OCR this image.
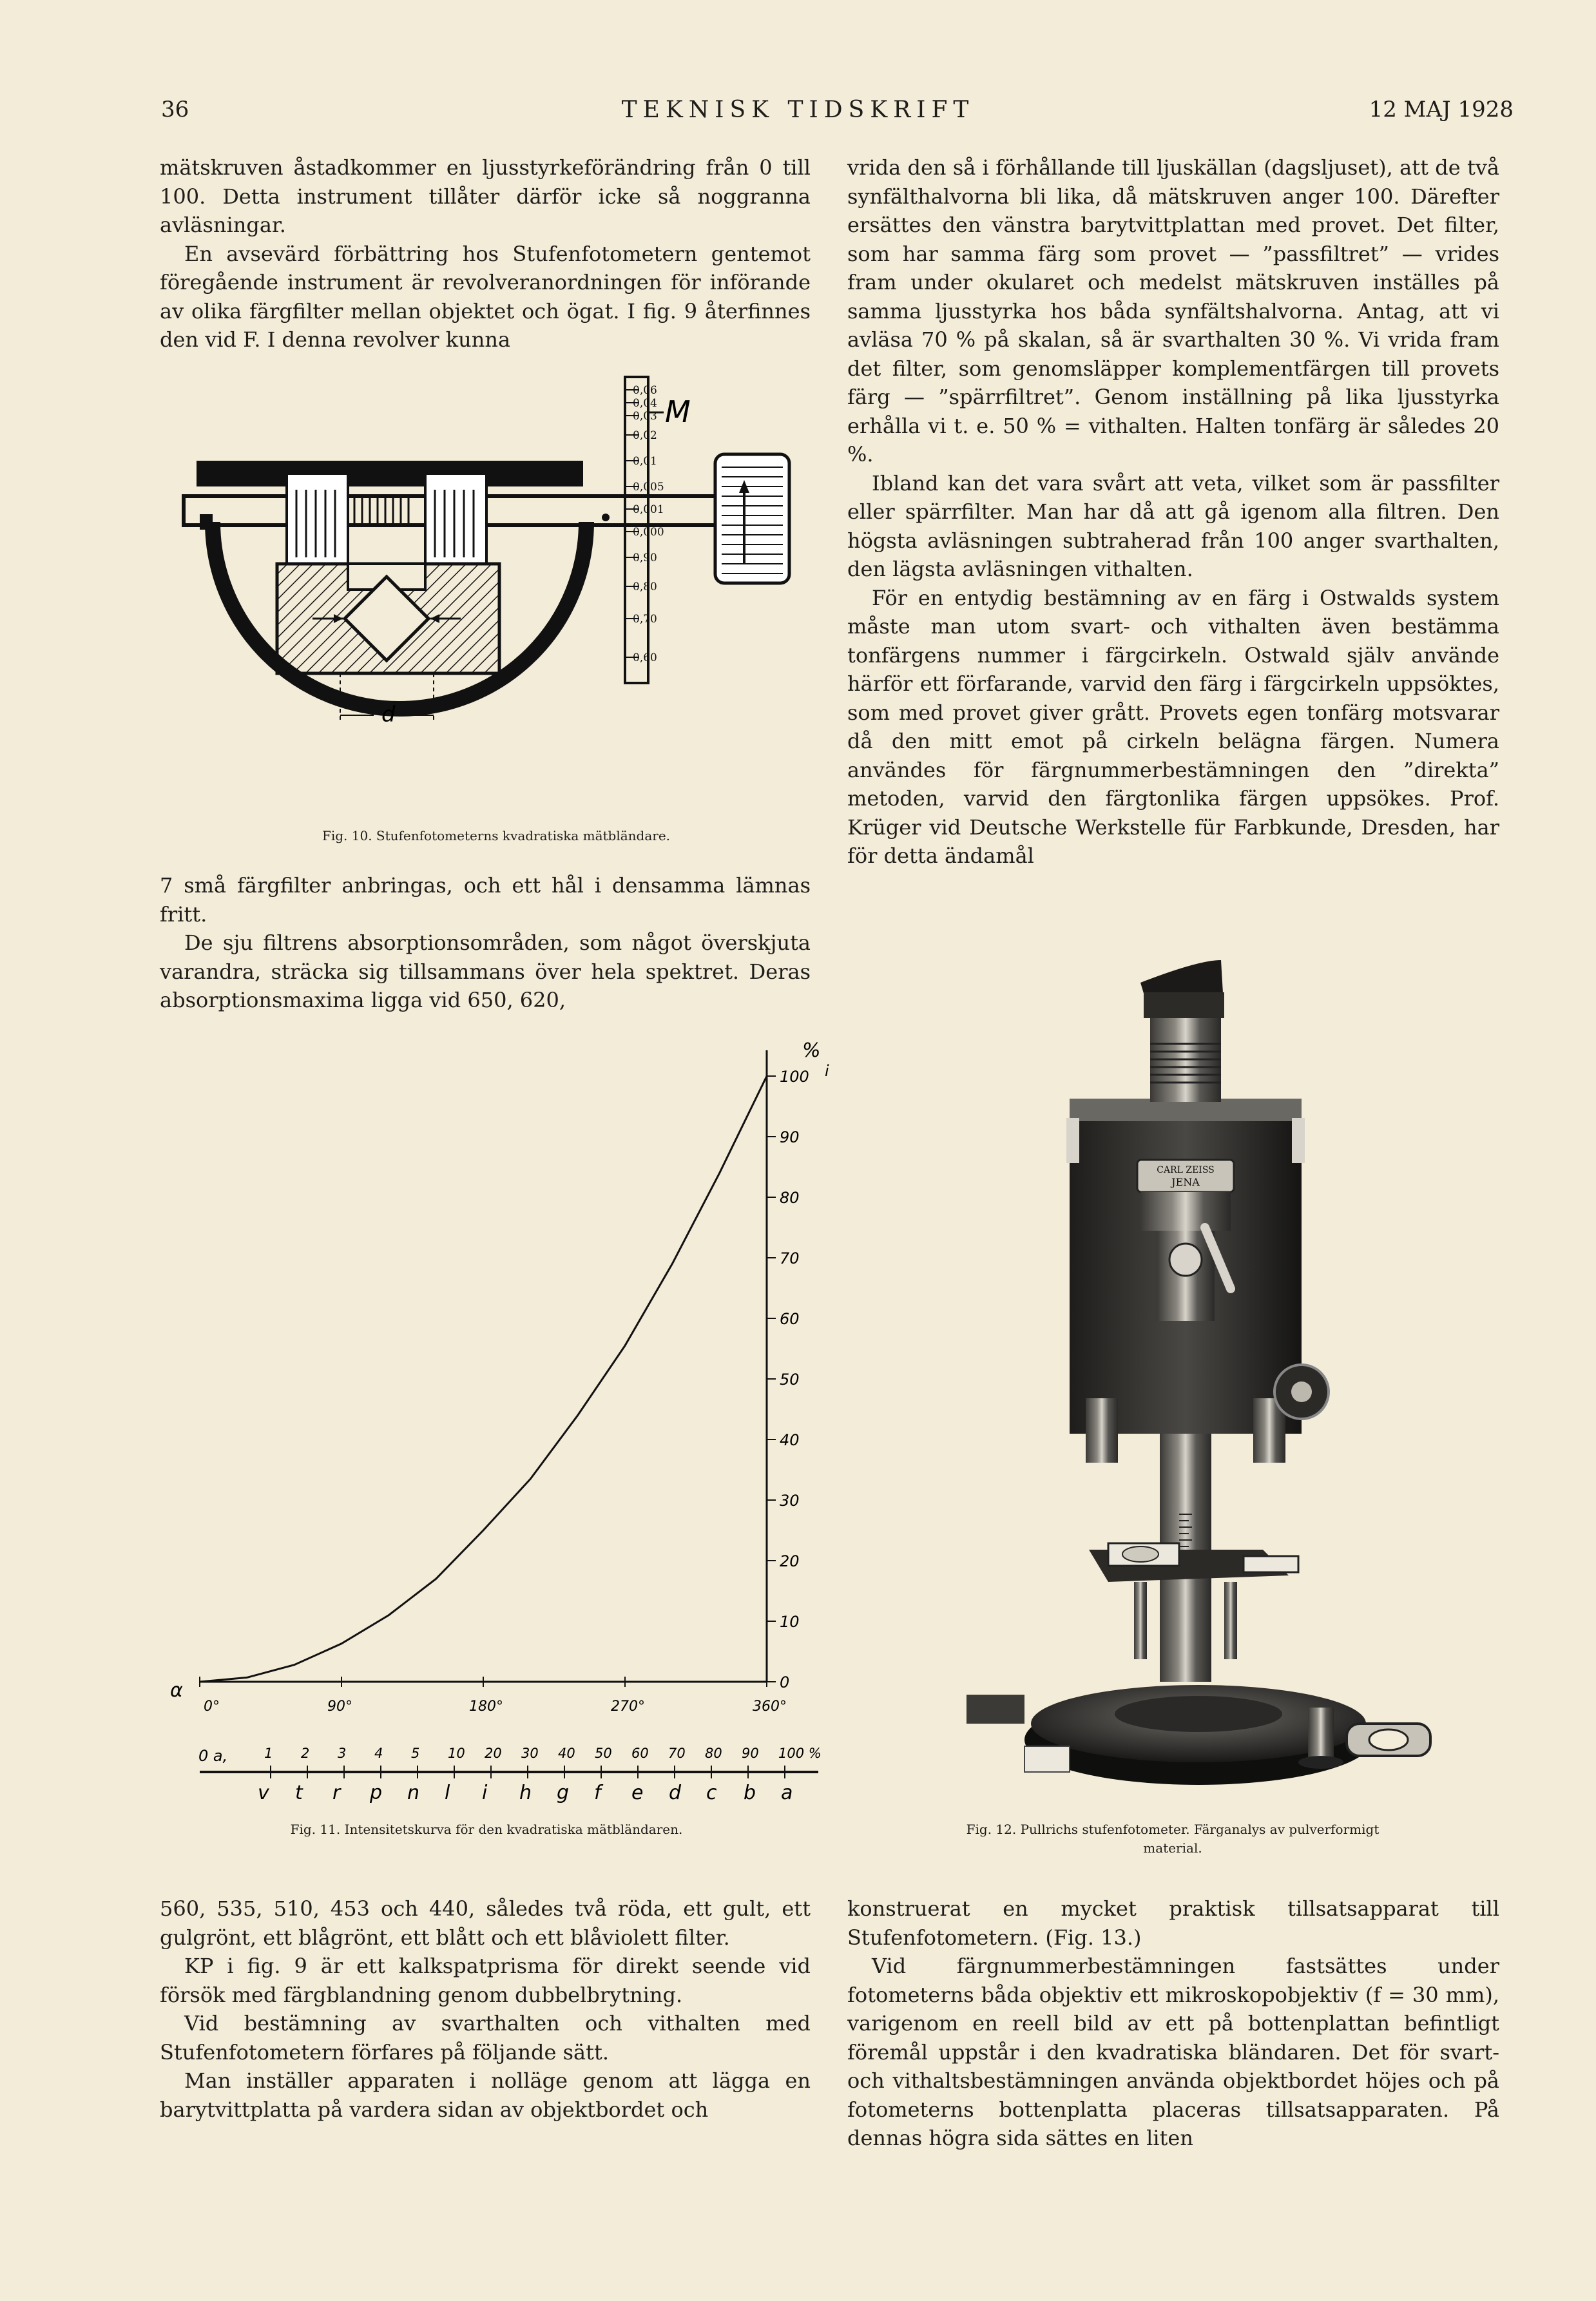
36	TEKNISK TIDSKRIFT	12 MAJ 1928

mätskruven åstadkommer en ljusstyrkeförändring från 0 till 100. Detta instrument tillåter därför icke så noggranna avläsningar.

En avsevärd förbättring hos Stufenfotometern gentemot föregående instrument är revolveranordningen för införande av olika färgfilter mellan objektet och ögat. I fig. 9 återfinnes den vid F. I denna revolver kunna

d
0,06
0,04
0,03
0,02
0,01
0,005
0,001
0,000
0,90
0,80
0,70
0,60
M
Fig. 10. Stufenfotometerns kvadratiska mätbländare.

7 små färgfilter anbringas, och ett hål i densamma lämnas fritt.

De sju filtrens absorptionsområden, som något överskjuta varandra, sträcka sig tillsammans över hela spektret. Deras absorptionsmaxima ligga vid 650, 620,

vrida den så i förhållande till ljuskällan (dagsljuset), att de två synfälthalvorna bli lika, då mätskruven anger 100. Därefter ersättes den vänstra barytvittplattan med provet. Det filter, som har samma färg som provet — ”passfiltret” — vrides fram under okularet och medelst mätskruven inställes på samma ljusstyrka hos båda synfältshalvorna. Antag, att vi avläsa 70 % på skalan, så är svarthalten 30 %. Vi vrida fram det filter, som genomsläpper komplementfärgen till provets färg — ”spärrfiltret”. Genom inställning på lika ljusstyrka erhålla vi t. e. 50 % = vithalten. Halten tonfärg är således 20 %.

Ibland kan det vara svårt att veta, vilket som är passfilter eller spärrfilter. Man har då att gå igenom alla filtren. Den högsta avläsningen subtraherad från 100 anger svarthalten, den lägsta avläsningen vithalten.

För en entydig bestämning av en färg i Ostwalds system måste man utom svart- och vithalten även bestämma tonfärgens nummer i färgcirkeln. Ostwald själv använde härför ett förfarande, varvid den färg i färgcirkeln uppsöktes, som med provet giver grått. Provets egen tonfärg motsvarar då den mitt emot på cirkeln belägna färgen. Numera användes för färgnummerbestämningen den ”direkta” metoden, varvid den färgtonlika färgen uppsökes. Prof. Krüger vid Deutsche Werkstelle für Farbkunde, Dresden, har för detta ändamål

0
10
20
30
40
50
60
70
80
90
100
0°	90°	180°	270°	360°
%
i
α
1 2 3 4 5 10 20 30 40 50 60 70 80 90 100 %
0 a,
v t r p n l i h g f e d c b a
Fig. 11. Intensitetskurva för den kvadratiska mätbländaren.
CARL ZEISS
JENA
Fig. 12. Pullrichs stufenfotometer. Färganalys av pulverformigt material.

560, 535, 510, 453 och 440, således två röda, ett gult, ett gulgrönt, ett blågrönt, ett blått och ett blåviolett filter.

KP i fig. 9 är ett kalkspatprisma för direkt seende vid försök med färgblandning genom dubbelbrytning.

Vid bestämning av svarthalten och vithalten med Stufenfotometern förfares på följande sätt.

Man inställer apparaten i nolläge genom att lägga en barytvittplatta på vardera sidan av objektbordet och

konstruerat en mycket praktisk tillsatsapparat till Stufenfotometern. (Fig. 13.)

Vid färgnummerbestämningen fastsättes under fotometerns båda objektiv ett mikroskopobjektiv (f = 30 mm), varigenom en reell bild av ett på bottenplattan befintligt föremål uppstår i den kvadratiska bländaren. Det för svart- och vithaltsbestämningen använda objektbordet höjes och på fotometerns bottenplatta placeras tillsatsapparaten. På dennas högra sida sättes en liten
